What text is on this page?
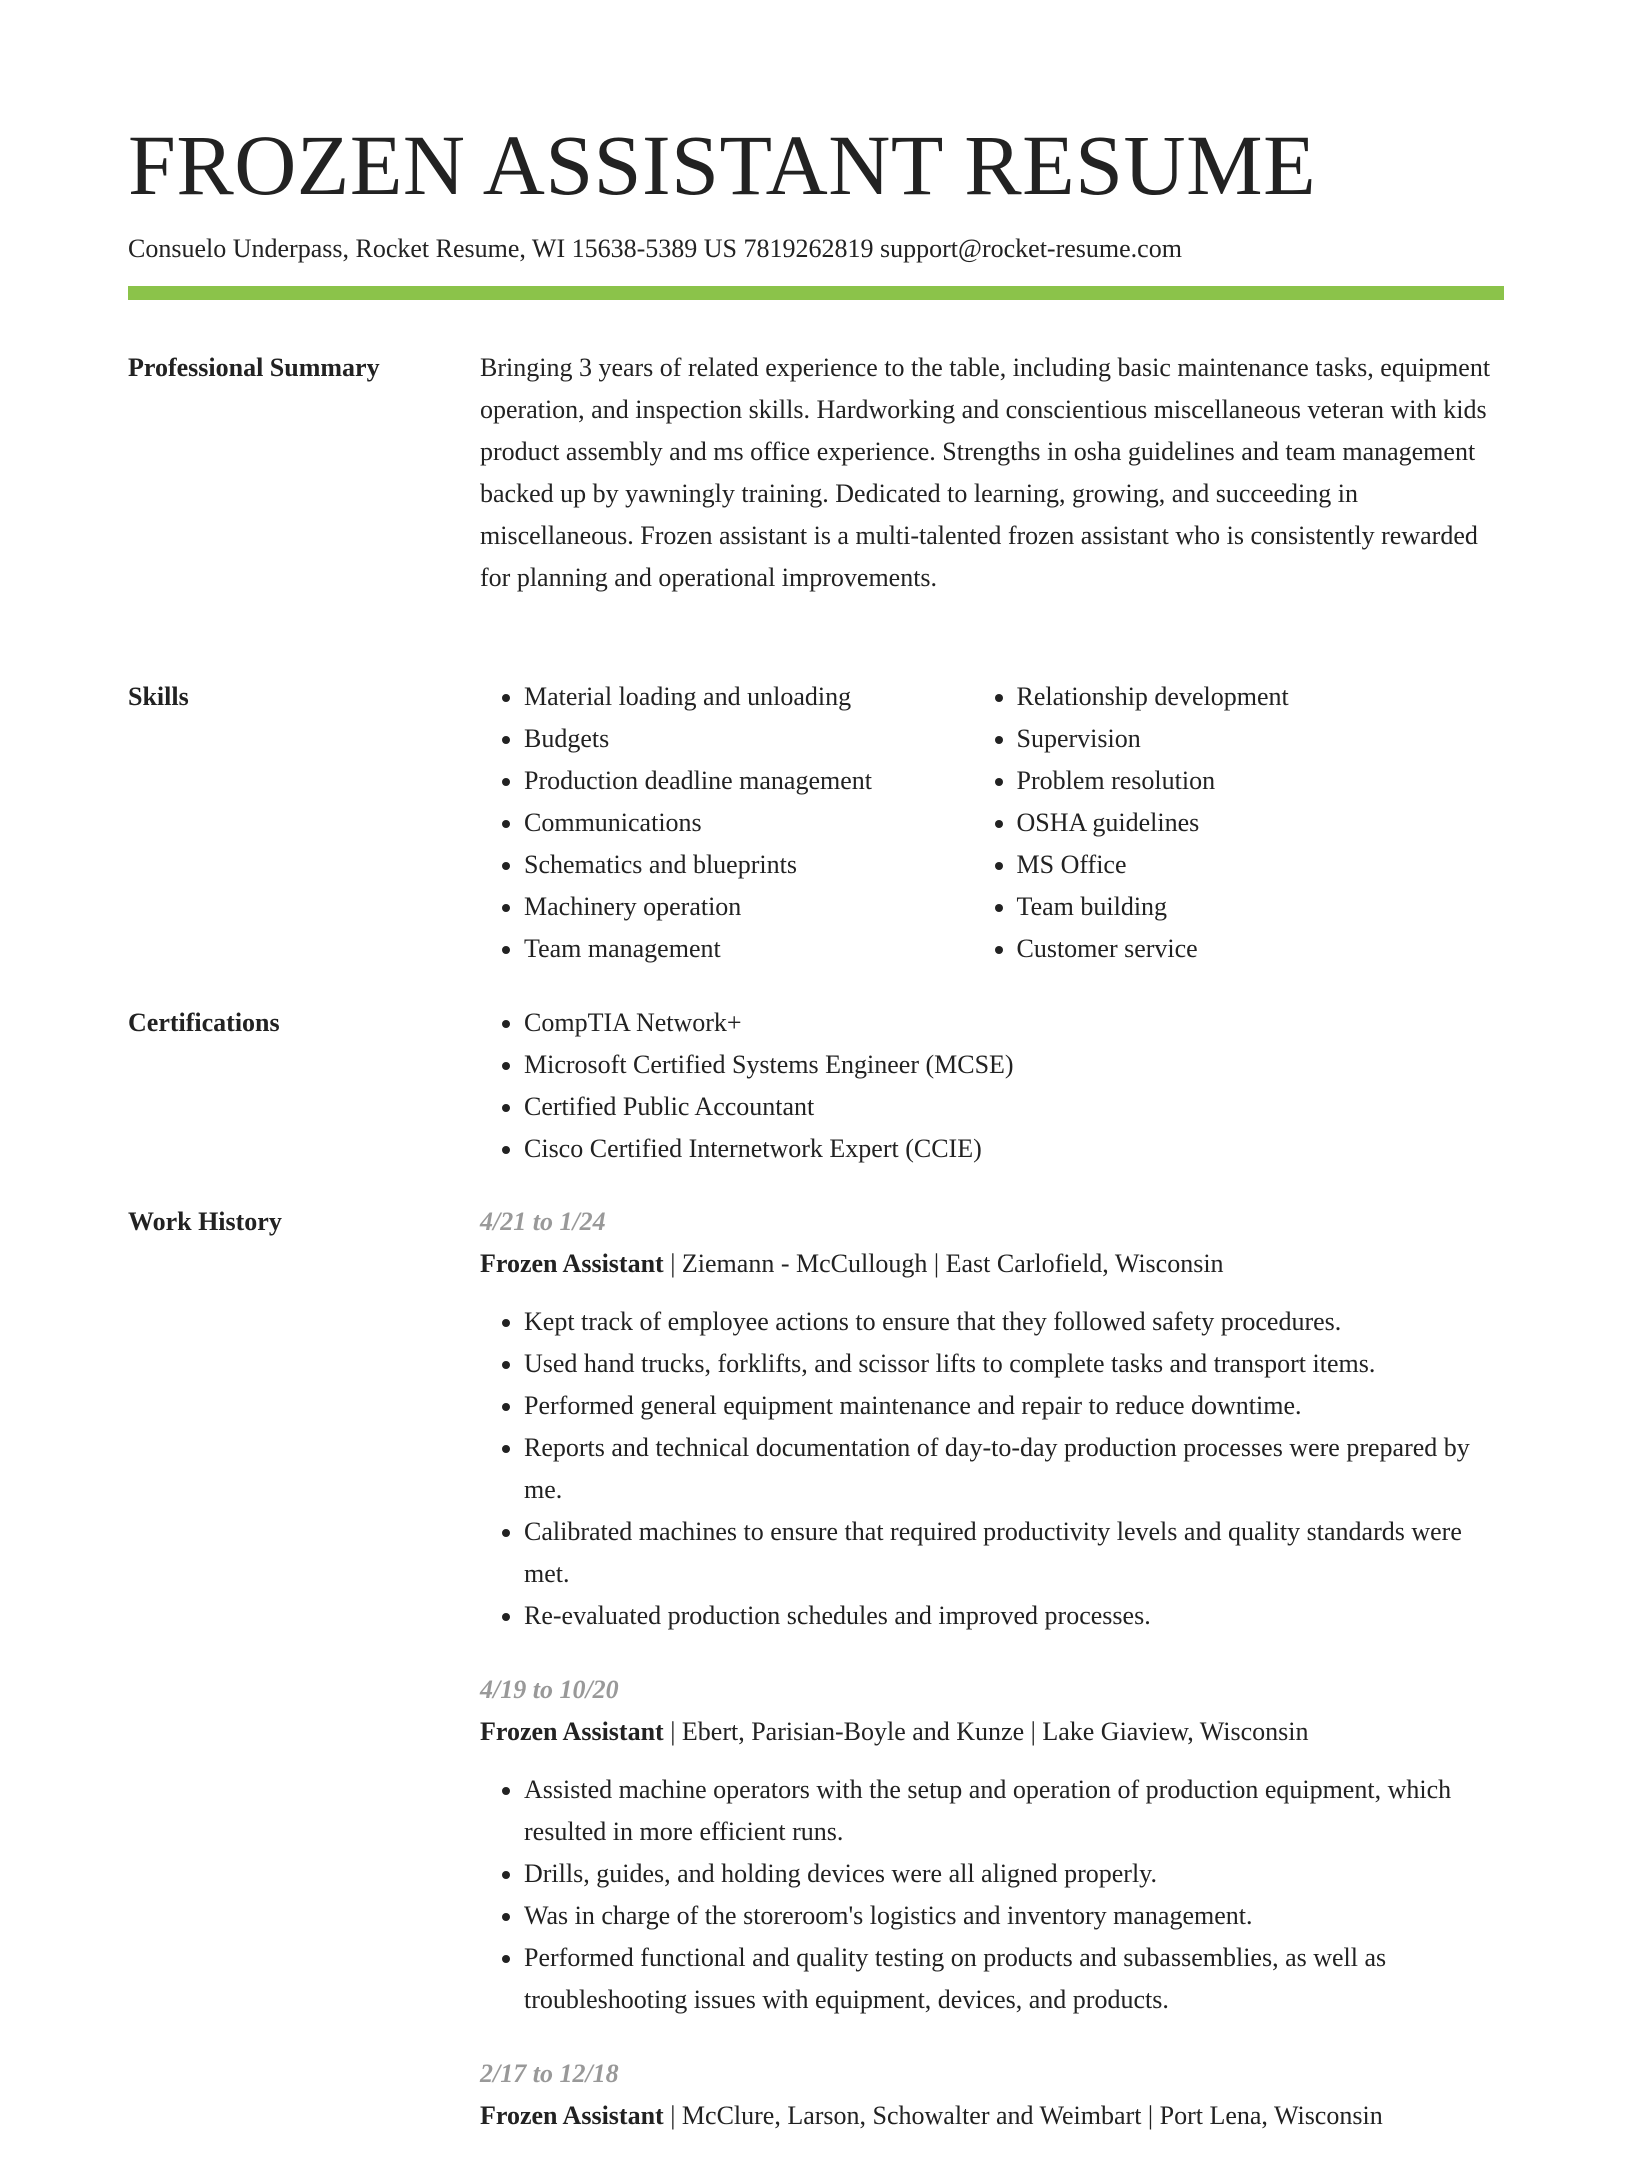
FROZEN ASSISTANT RESUME
Consuelo Underpass, Rocket Resume, WI 15638-5389 US 7819262819 support@rocket-resume.com
Professional Summary	Bringing 3 years of related experience to the table, including basic maintenance tasks, equipment operation, and inspection skills. Hardworking and conscientious miscellaneous veteran with kids product assembly and ms office experience. Strengths in osha guidelines and team management backed up by yawningly training. Dedicated to learning, growing, and succeeding in miscellaneous. Frozen assistant is a multi-talented frozen assistant who is consistently rewarded for planning and operational improvements.

Skills	• Material loading and unloading
• Budgets
• Production deadline management
• Communications
• Schematics and blueprints
• Machinery operation
• Team management
• Relationship development
• Supervision
• Problem resolution
• OSHA guidelines
• MS Office
• Team building
• Customer service
Certifications	• CompTIA Network+
• Microsoft Certified Systems Engineer (MCSE)
• Certified Public Accountant
• Cisco Certified Internetwork Expert (CCIE)
Work History	4/21 to 1/24
Frozen Assistant | Ziemann - McCullough | East Carlofield, Wisconsin
• Kept track of employee actions to ensure that they followed safety procedures.
• Used hand trucks, forklifts, and scissor lifts to complete tasks and transport items.
• Performed general equipment maintenance and repair to reduce downtime.
• Reports and technical documentation of day-to-day production processes were prepared by me.
• Calibrated machines to ensure that required productivity levels and quality standards were met.
• Re-evaluated production schedules and improved processes.
4/19 to 10/20
Frozen Assistant | Ebert, Parisian-Boyle and Kunze | Lake Giaview, Wisconsin
• Assisted machine operators with the setup and operation of production equipment, which resulted in more efficient runs.
• Drills, guides, and holding devices were all aligned properly.
• Was in charge of the storeroom's logistics and inventory management.
• Performed functional and quality testing on products and subassemblies, as well as troubleshooting issues with equipment, devices, and products.
2/17 to 12/18
Frozen Assistant | McClure, Larson, Schowalter and Weimbart | Port Lena, Wisconsin
